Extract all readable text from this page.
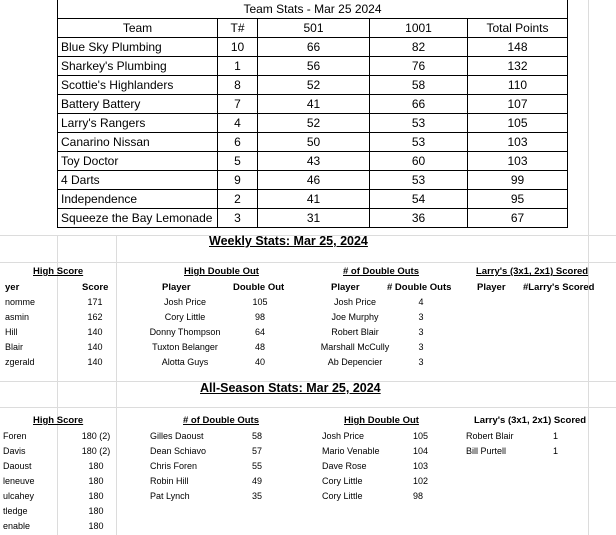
Team Stats - Mar 25 2024				
Team	T#	501	1001	Total Points
Blue Sky Plumbing	10	66	82	148
Sharkey's Plumbing	1	56	76	132
Scottie's Highlanders	8	52	58	110
Battery Battery	7	41	66	107
Larry's Rangers	4	52	53	105
Canarino Nissan	6	50	53	103
Toy Doctor	5	43	60	103
4 Darts	9	46	53	99
Independence	2	41	54	95
Squeeze the Bay Lemonade	3	31	36	67
Weekly Stats: Mar 25, 2024
High Score
yer	Score
nomme	171
asmin	162
Hill	140
Blair	140
zgerald	140
High Double Out
Player	Double Out
Josh Price	105
Cory Little	98
Donny Thompson	64
Tuxton Belanger	48
Alotta Guys	40
# of Double Outs
Player	# Double Outs
Josh Price	4
Joe Murphy	3
Robert Blair	3
Marshall McCully	3
Ab Depencier	3
Larry's (3x1, 2x1) Scored
Player #Larry's Scored
All-Season Stats: Mar 25, 2024
High Score
Foren	180 (2)
Davis	180 (2)
Daoust	180
leneuve	180
ulcahey	180
tledge	180
enable	180
# of Double Outs
Gilles Daoust	58
Dean Schiavo	57
Chris Foren	55
Robin Hill	49
Pat Lynch	35
High Double Out
Josh Price	105
Mario Venable	104
Dave Rose	103
Cory Little	102
Cory Little	98
Larry's (3x1, 2x1) Scored
Robert Blair	1
Bill Purtell	1
